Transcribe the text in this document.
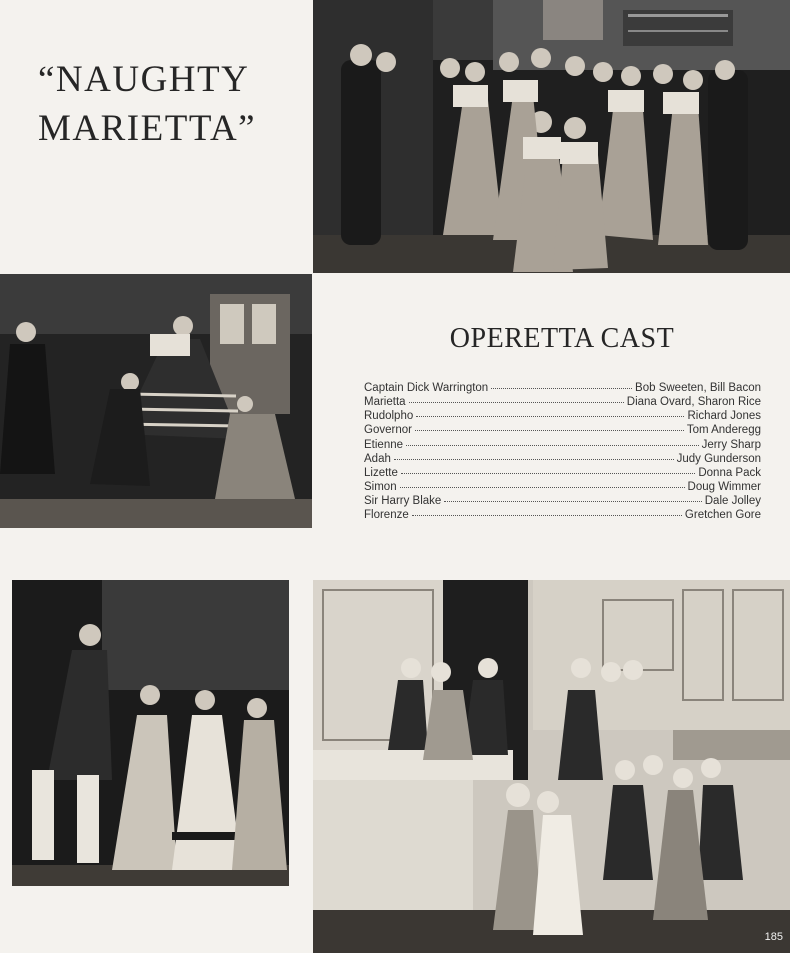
“NAUGHTY
MARIETTA”
185
OPERETTA CAST
Captain Dick Warrington	Bob Sweeten, Bill Bacon
Marietta	Diana Ovard, Sharon Rice
Rudolpho	Richard Jones
Governor	Tom Anderegg
Etienne	Jerry Sharp
Adah	Judy Gunderson
Lizette	Donna Pack
Simon	Doug Wimmer
Sir Harry Blake	Dale Jolley
Florenze	Gretchen Gore
